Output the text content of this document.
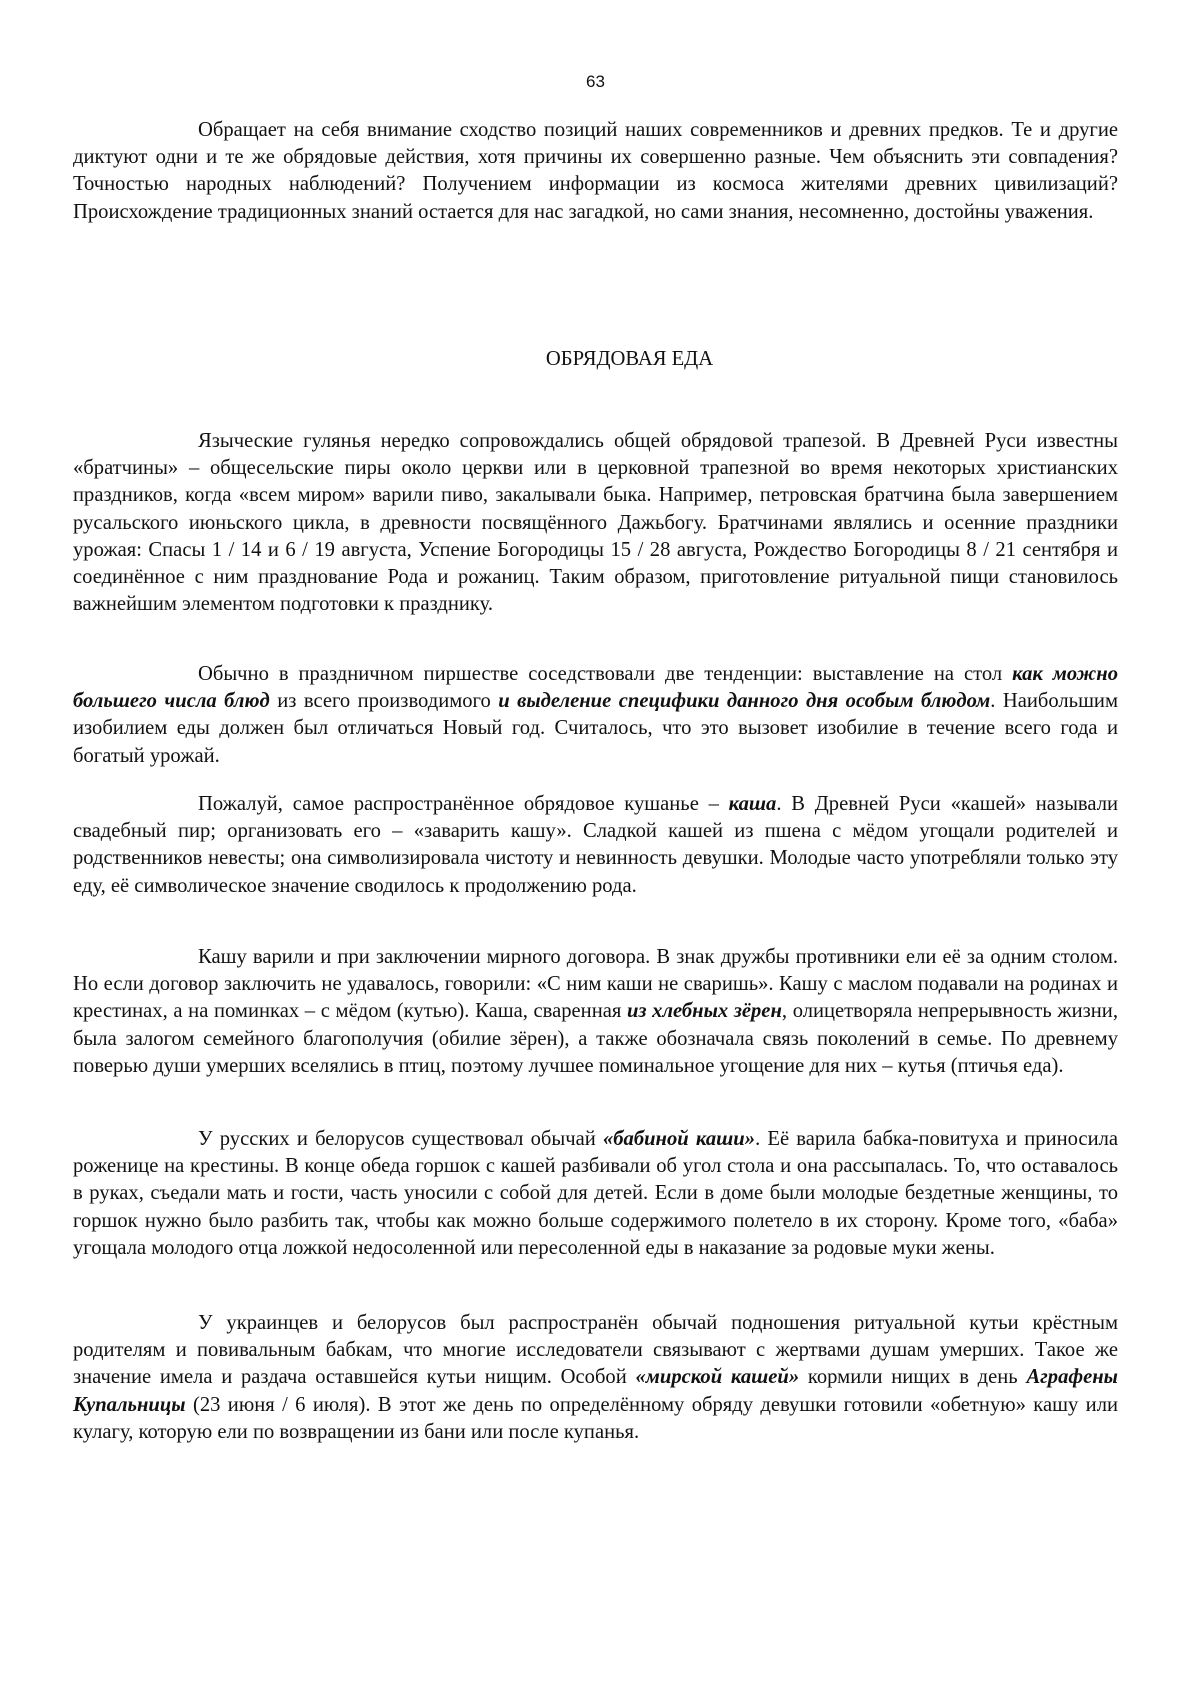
63

Обращает на себя внимание сходство позиций наших современников и древних предков. Те и другие диктуют одни и те же обрядовые действия, хотя причины их совершенно разные. Чем объяснить эти совпадения? Точностью народных наблюдений? Получением информации из космоса жителями древних цивилизаций? Происхождение традиционных знаний остается для нас загадкой, но сами знания, несомненно, достойны уважения.

ОБРЯДОВАЯ ЕДА

Языческие гулянья нередко сопровождались общей обрядовой трапезой. В Древней Руси известны «братчины» – общесельские пиры около церкви или в церковной трапезной во время некоторых христианских праздников, когда «всем миром» варили пиво, закалывали быка. Например, петровская братчина была завершением русальского июньского цикла, в древности посвящённого Дажьбогу. Братчинами являлись и осенние праздники урожая: Спасы 1 / 14 и 6 / 19 августа, Успение Богородицы 15 / 28 августа, Рождество Богородицы 8 / 21 сентября и соединённое с ним празднование Рода и рожаниц. Таким образом, приготовление ритуальной пищи становилось важнейшим элементом подготовки к празднику.

Обычно в праздничном пиршестве соседствовали две тенденции: выставление на стол как можно большего числа блюд из всего производимого и выделение специфики данного дня особым блюдом. Наибольшим изобилием еды должен был отличаться Новый год. Считалось, что это вызовет изобилие в течение всего года и богатый урожай.

Пожалуй, самое распространённое обрядовое кушанье – каша. В Древней Руси «кашей» называли свадебный пир; организовать его – «заварить кашу». Сладкой кашей из пшена с мёдом угощали родителей и родственников невесты; она символизировала чистоту и невинность девушки. Молодые часто употребляли только эту еду, её символическое значение сводилось к продолжению рода.

Кашу варили и при заключении мирного договора. В знак дружбы противники ели её за одним столом. Но если договор заключить не удавалось, говорили: «С ним каши не сваришь». Кашу с маслом подавали на родинах и крестинах, а на поминках – с мёдом (кутью). Каша, сваренная из хлебных зёрен, олицетворяла непрерывность жизни, была залогом семейного благополучия (обилие зёрен), а также обозначала связь поколений в семье. По древнему поверью души умерших вселялись в птиц, поэтому лучшее поминальное угощение для них – кутья (птичья еда).

У русских и белорусов существовал обычай «бабиной каши». Её варила бабка-повитуха и приносила роженице на крестины. В конце обеда горшок с кашей разбивали об угол стола и она рассыпалась. То, что оставалось в руках, съедали мать и гости, часть уносили с собой для детей. Если в доме были молодые бездетные женщины, то горшок нужно было разбить так, чтобы как можно больше содержимого полетело в их сторону. Кроме того, «баба» угощала молодого отца ложкой недосоленной или пересоленной еды в наказание за родовые муки жены.

У украинцев и белорусов был распространён обычай подношения ритуальной кутьи крёстным родителям и повивальным бабкам, что многие исследователи связывают с жертвами душам умерших. Такое же значение имела и раздача оставшейся кутьи нищим. Особой «мирской кашей» кормили нищих в день Аграфены Купальницы (23 июня / 6 июля). В этот же день по определённому обряду девушки готовили «обетную» кашу или кулагу, которую ели по возвращении из бани или после купанья.
